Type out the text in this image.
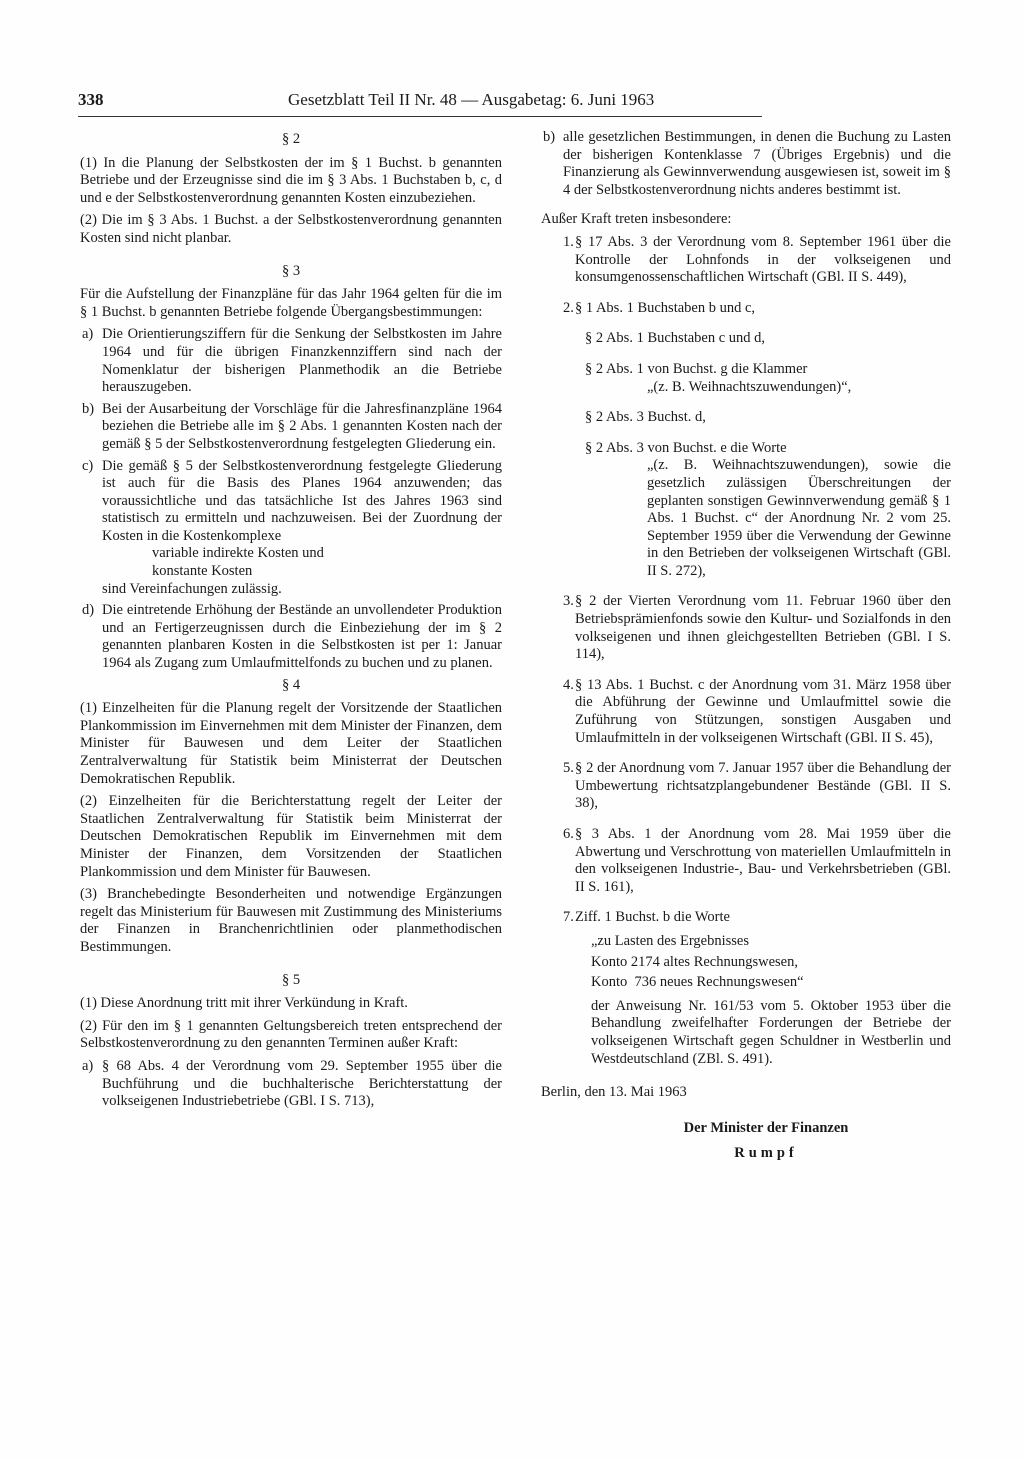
338	Gesetzblatt Teil II Nr. 48 — Ausgabetag: 6. Juni 1963
§ 2

(1) In die Planung der Selbstkosten der im § 1 Buchst. b genannten Betriebe und der Erzeugnisse sind die im § 3 Abs. 1 Buchstaben b, c, d und e der Selbstkostenverordnung genannten Kosten einzubeziehen.

(2) Die im § 3 Abs. 1 Buchst. a der Selbstkostenverordnung genannten Kosten sind nicht planbar.

§ 3

Für die Aufstellung der Finanzpläne für das Jahr 1964 gelten für die im § 1 Buchst. b genannten Betriebe folgende Übergangsbestimmungen:

a) Die Orientierungsziffern für die Senkung der Selbstkosten im Jahre 1964 und für die übrigen Finanzkennziffern sind nach der Nomenklatur der bisherigen Planmethodik an die Betriebe herauszugeben.
b) Bei der Ausarbeitung der Vorschläge für die Jahresfinanzpläne 1964 beziehen die Betriebe alle im § 2 Abs. 1 genannten Kosten nach der gemäß § 5 der Selbstkostenverordnung festgelegten Gliederung ein.
c) Die gemäß § 5 der Selbstkostenverordnung festgelegte Gliederung ist auch für die Basis des Planes 1964 anzuwenden; das voraussichtliche und das tatsächliche Ist des Jahres 1963 sind statistisch zu ermitteln und nachzuweisen. Bei der Zuordnung der Kosten in die Kostenkomplexe
variable indirekte Kosten und
konstante Kosten
sind Vereinfachungen zulässig.
d) Die eintretende Erhöhung der Bestände an unvollendeter Produktion und an Fertigerzeugnissen durch die Einbeziehung der im § 2 genannten planbaren Kosten in die Selbstkosten ist per 1: Januar 1964 als Zugang zum Umlaufmittelfonds zu buchen und zu planen.
§ 4

(1) Einzelheiten für die Planung regelt der Vorsitzende der Staatlichen Plankommission im Einvernehmen mit dem Minister der Finanzen, dem Minister für Bauwesen und dem Leiter der Staatlichen Zentralverwaltung für Statistik beim Ministerrat der Deutschen Demokratischen Republik.

(2) Einzelheiten für die Berichterstattung regelt der Leiter der Staatlichen Zentralverwaltung für Statistik beim Ministerrat der Deutschen Demokratischen Republik im Einvernehmen mit dem Minister der Finanzen, dem Vorsitzenden der Staatlichen Plankommission und dem Minister für Bauwesen.

(3) Branchebedingte Besonderheiten und notwendige Ergänzungen regelt das Ministerium für Bauwesen mit Zustimmung des Ministeriums der Finanzen in Branchenrichtlinien oder planmethodischen Bestimmungen.

§ 5

(1) Diese Anordnung tritt mit ihrer Verkündung in Kraft.

(2) Für den im § 1 genannten Geltungsbereich treten entsprechend der Selbstkostenverordnung zu den genannten Terminen außer Kraft:

a) § 68 Abs. 4 der Verordnung vom 29. September 1955 über die Buchführung und die buchhalterische Berichterstattung der volkseigenen Industriebetriebe (GBl. I S. 713),
b) alle gesetzlichen Bestimmungen, in denen die Buchung zu Lasten der bisherigen Kontenklasse 7 (Übriges Ergebnis) und die Finanzierung als Gewinnverwendung ausgewiesen ist, soweit im § 4 der Selbstkostenverordnung nichts anderes bestimmt ist.

Außer Kraft treten insbesondere:

1. § 17 Abs. 3 der Verordnung vom 8. September 1961 über die Kontrolle der Lohnfonds in der volkseigenen und konsumgenossenschaftlichen Wirtschaft (GBl. II S. 449),
2. § 1 Abs. 1 Buchstaben b und c,
§ 2 Abs. 1 Buchstaben c und d,
§ 2 Abs. 1 von Buchst. g die Klammer
„(z. B. Weihnachtszuwendungen)“,
§ 2 Abs. 3 Buchst. d,
§ 2 Abs. 3 von Buchst. e die Worte
„(z. B. Weihnachtszuwendungen), sowie die gesetzlich zulässigen Überschreitungen der geplanten sonstigen Gewinnverwendung gemäß § 1 Abs. 1 Buchst. c“ der Anordnung Nr. 2 vom 25. September 1959 über die Verwendung der Gewinne in den Betrieben der volkseigenen Wirtschaft (GBl. II S. 272),
3. § 2 der Vierten Verordnung vom 11. Februar 1960 über den Betriebsprämienfonds sowie den Kultur- und Sozialfonds in den volkseigenen und ihnen gleichgestellten Betrieben (GBl. I S. 114),
4. § 13 Abs. 1 Buchst. c der Anordnung vom 31. März 1958 über die Abführung der Gewinne und Umlaufmittel sowie die Zuführung von Stützungen, sonstigen Ausgaben und Umlaufmitteln in der volkseigenen Wirtschaft (GBl. II S. 45),
5. § 2 der Anordnung vom 7. Januar 1957 über die Behandlung der Umbewertung richtsatzplangebundener Bestände (GBl. II S. 38),
6. § 3 Abs. 1 der Anordnung vom 28. Mai 1959 über die Abwertung und Verschrottung von materiellen Umlaufmitteln in den volkseigenen Industrie-, Bau- und Verkehrsbetrieben (GBl. II S. 161),
7. Ziff. 1 Buchst. b die Worte
„zu Lasten des Ergebnisses
Konto 2174 altes Rechnungswesen,
Konto  736 neues Rechnungswesen“
der Anweisung Nr. 161/53 vom 5. Oktober 1953 über die Behandlung zweifelhafter Forderungen der Betriebe der volkseigenen Wirtschaft gegen Schuldner in Westberlin und Westdeutschland (ZBl. S. 491).
Berlin, den 13. Mai 1963
Der Minister der Finanzen
Rumpf
